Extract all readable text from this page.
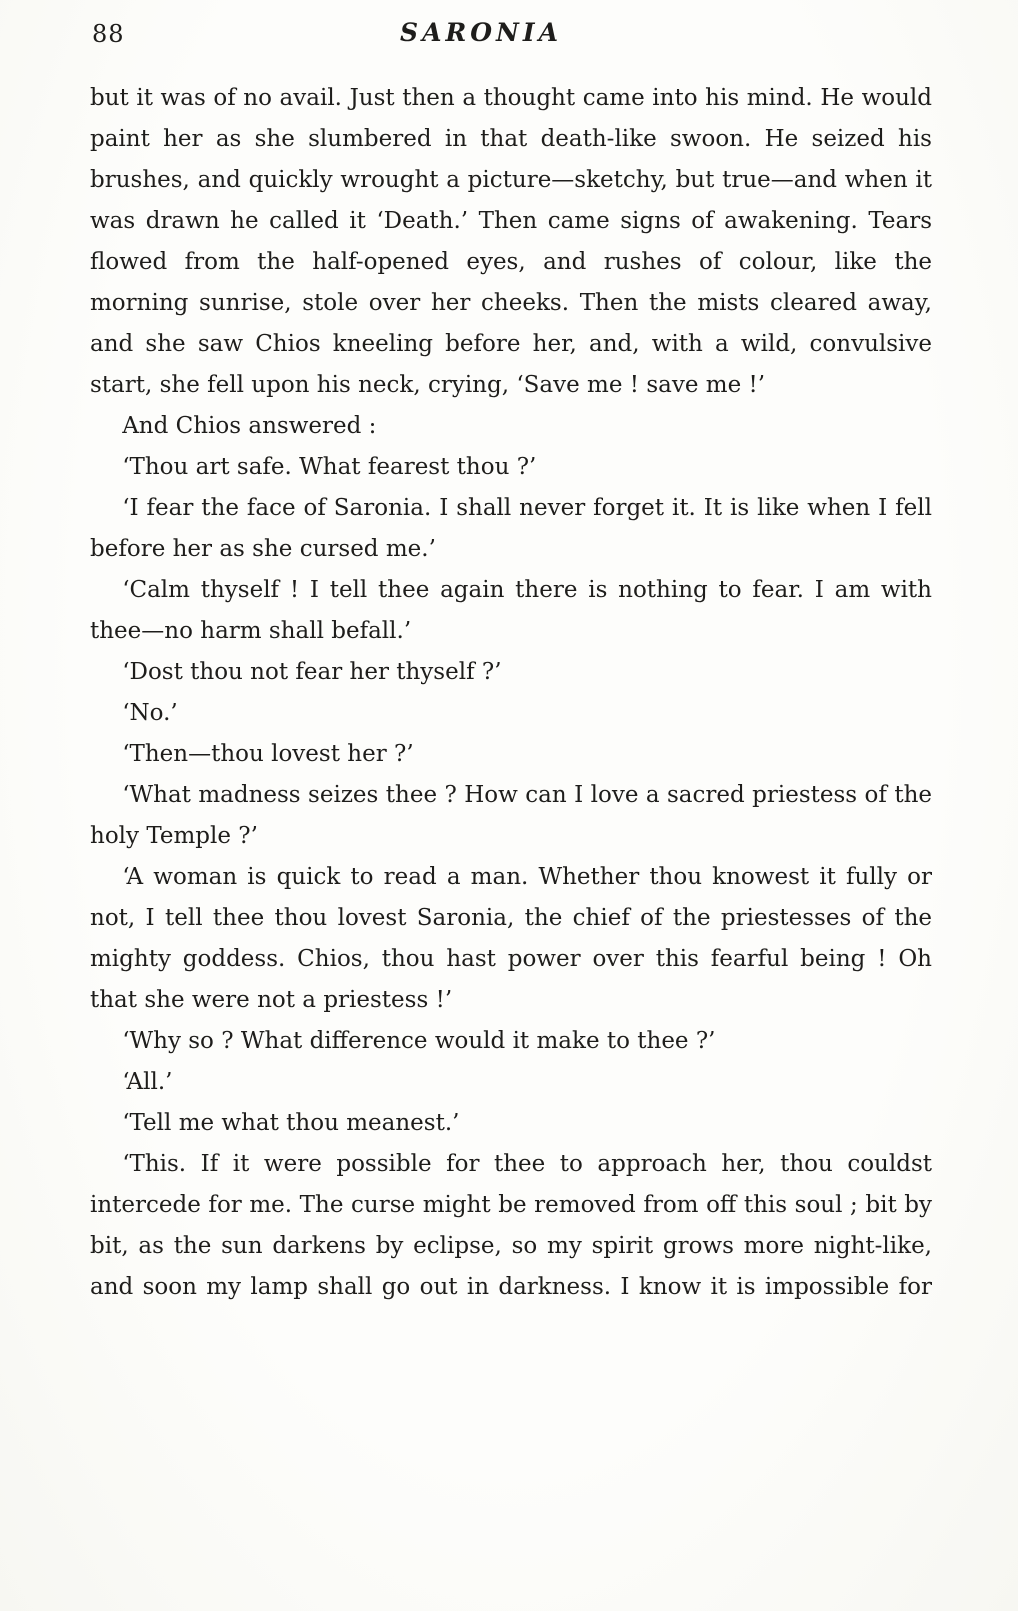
88	SARONIA

but it was of no avail. Just then a thought came into his mind. He would paint her as she slumbered in that death-like swoon. He seized his brushes, and quickly wrought a picture—sketchy, but true—and when it was drawn he called it ‘Death.’ Then came signs of awakening. Tears flowed from the half-opened eyes, and rushes of colour, like the morning sunrise, stole over her cheeks. Then the mists cleared away, and she saw Chios kneeling before her, and, with a wild, convulsive start, she fell upon his neck, crying, ‘Save me ! save me !’

And Chios answered :

‘Thou art safe. What fearest thou ?’

‘I fear the face of Saronia. I shall never forget it. It is like when I fell before her as she cursed me.’

‘Calm thyself ! I tell thee again there is nothing to fear. I am with thee—no harm shall befall.’

‘Dost thou not fear her thyself ?’

‘No.’

‘Then—thou lovest her ?’

‘What madness seizes thee ? How can I love a sacred priestess of the holy Temple ?’

‘A woman is quick to read a man. Whether thou knowest it fully or not, I tell thee thou lovest Saronia, the chief of the priestesses of the mighty goddess. Chios, thou hast power over this fearful being ! Oh that she were not a priestess !’

‘Why so ? What difference would it make to thee ?’

‘All.’

‘Tell me what thou meanest.’

‘This. If it were possible for thee to approach her, thou couldst intercede for me. The curse might be removed from off this soul ; bit by bit, as the sun darkens by eclipse, so my spirit grows more night-like, and soon my lamp shall go out in darkness. I know it is impossible for
